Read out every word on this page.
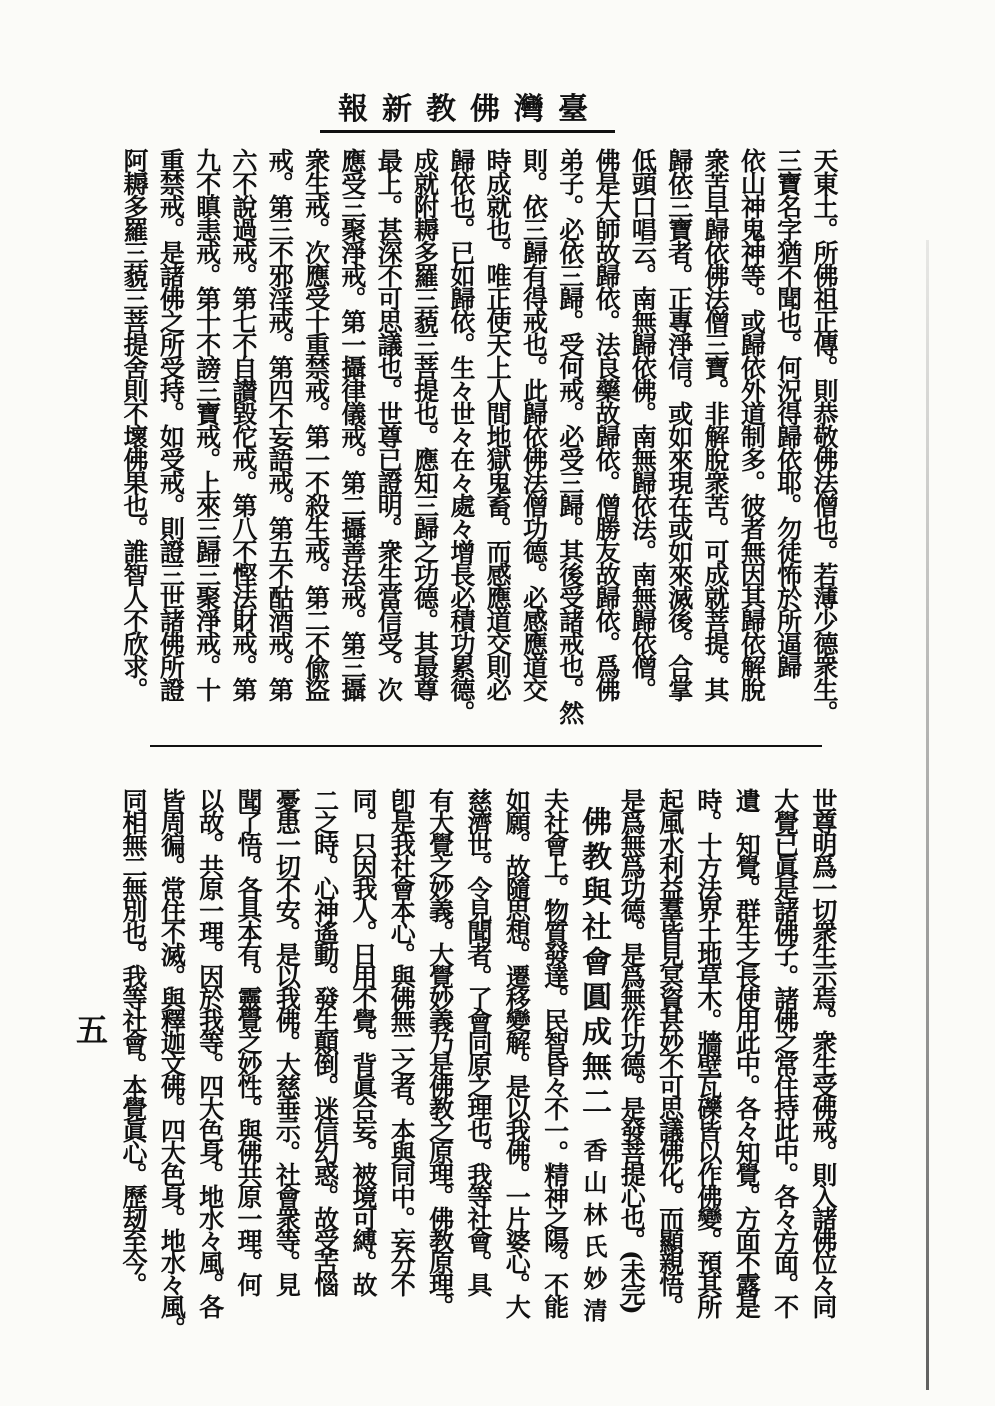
臺灣佛教新報
天東土。所佛祖正傳。則恭敬佛法僧也。若薄少德衆生。
三寶名字猶不聞也。何況得歸依耶。勿徒怖於所逼歸
依山神鬼神等。或歸依外道制多。彼者無因其歸依解脫
衆苦早歸依佛法僧三寶。非解脫衆苦。可成就菩提。其
歸依三寶者。正專淨信。或如來現在或如來滅後。合掌
低頭口唱云。南無歸依佛。南無歸依法。南無歸依僧。
佛是大師故歸依。法良藥故歸依。僧勝友故歸依。爲佛
弟子。必依三歸。受何戒。必受三歸。其後受諸戒也。然
則。依三歸有得戒也。此歸依佛法僧功德。必感應道交
時成就也。唯正使天上人間地獄鬼畜。而感應道交則必
歸依也。已如歸依。生々世々在々處々增長必積功累德。
成就附耨多羅三藐三菩提也。應知三歸之功德。其最尊
最上。甚深不可思議也。世尊已證明。衆生當信受。次
應受三聚淨戒。第一攝律儀戒。第二攝善法戒。第三攝
衆生戒。次應受十重禁戒。第一不殺生戒。第二不偸盜
戒。第三不邪淫戒。第四不妄語戒。第五不酤酒戒。第
六不說過戒。第七不自讃毀佗戒。第八不慳法財戒。第
九不瞋恚戒。第十不謗三寶戒。上來三歸三聚淨戒。十
重禁戒。是諸佛之所受持。如受戒。則證三世諸佛所證
阿耨多羅三藐三菩提舍則不壞佛果也。誰智人不欣求。
世尊明爲一切衆生示焉。衆生受佛戒。則入諸佛位々同
大覺已眞是諸佛子。諸佛之常住持此中。各々方面。不
遺　知覺。群生之長使用此中。各々知覺。方面不露是
時。十方法界土地草木。牆壁瓦礫皆以作佛變。預其所
起風水利益羣皆見冥資甚妙不可思議佛化。而顯親悟。
是爲無爲功德。是爲無作功德。是發菩提心也。(未完)
佛教與社會圓成無二 香山林氏妙清
夫社會上。物質發達。民智昏々不一。精神之陽。不能
如願。故隨思想。遷移變解。是以我佛。一片婆心。大
慈濟世。令見聞者。了會同原之理也。我等社會。具
有大覺之妙義。大覺妙義乃是佛教之原理。佛教原理。
卽是我社會本心。與佛無二之者。本與同中。妄分不
同。只因我人。日用不覺。背眞合妄。被境可縛。故
二之時。心神遙動。發生顛倒。迷信幻惑。故受苦惱
憂患一切不安。是以我佛。大慈垂示。社會衆等。見
聞了悟。各具本有。靈覺之妙性。與佛共原一理。何
以故。共原一理。因於我等。四大色身。地水々風。各
皆周徧。常住不滅。與釋迦文佛。四大色身。地水々風。
同相無二無別也。我等社會。本覺眞心。歷刼至今。
五
